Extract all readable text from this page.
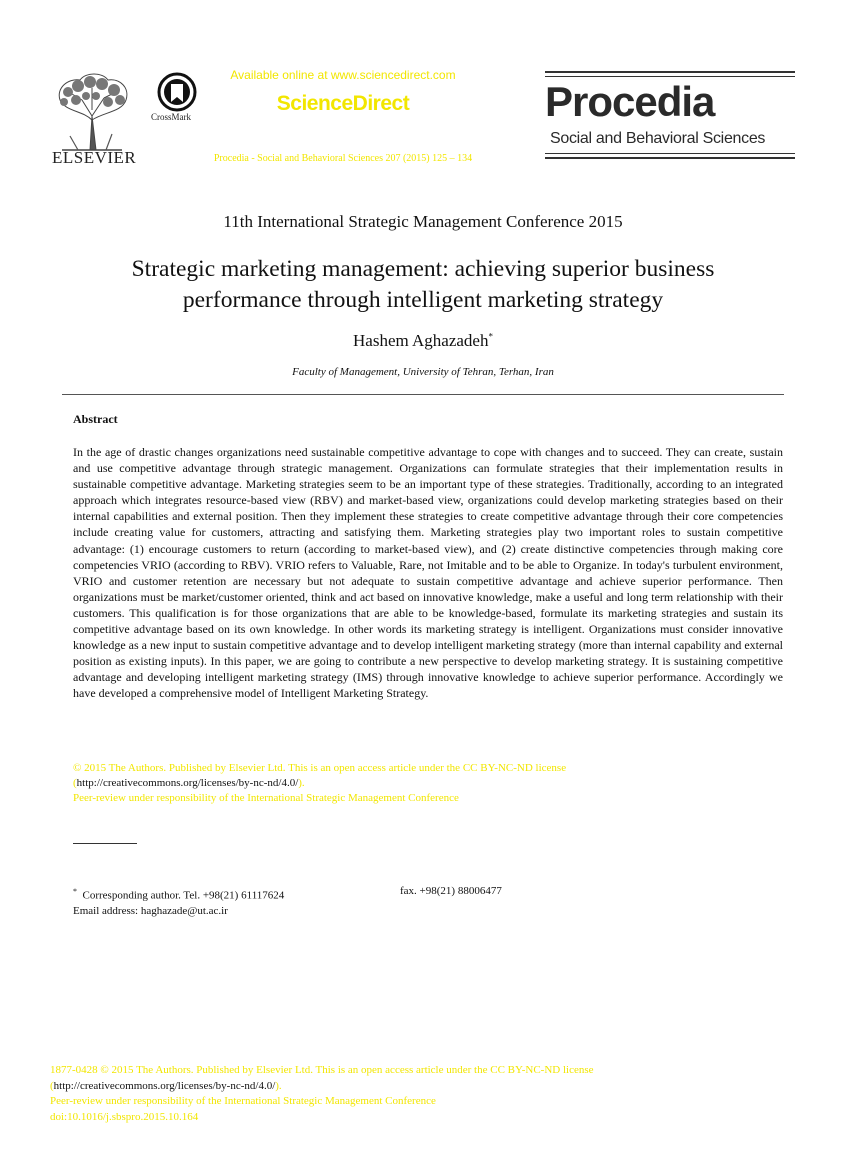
ELSEVIER
CrossMark
Available online at www.sciencedirect.com
ScienceDirect
Procedia - Social and Behavioral Sciences 207 (2015) 125 – 134
Procedia
Social and Behavioral Sciences
11th International Strategic Management Conference 2015
Strategic marketing management: achieving superior business performance through intelligent marketing strategy
Hashem Aghazadeh*
Faculty of Management, University of Tehran, Terhan, Iran
Abstract
In the age of drastic changes organizations need sustainable competitive advantage to cope with changes and to succeed. They can create, sustain and use competitive advantage through strategic management. Organizations can formulate strategies that their implementation results in sustainable competitive advantage. Marketing strategies seem to be an important type of these strategies. Traditionally, according to an integrated approach which integrates resource-based view (RBV) and market-based view, organizations could develop marketing strategies based on their internal capabilities and external position. Then they implement these strategies to create competitive advantage through their core competencies include creating value for customers, attracting and satisfying them. Marketing strategies play two important roles to sustain competitive advantage: (1) encourage customers to return (according to market-based view), and (2) create distinctive competencies through making core competencies VRIO (according to RBV). VRIO refers to Valuable, Rare, not Imitable and to be able to Organize. In today's turbulent environment, VRIO and customer retention are necessary but not adequate to sustain competitive advantage and achieve superior performance. Then organizations must be market/customer oriented, think and act based on innovative knowledge, make a useful and long term relationship with their customers. This qualification is for those organizations that are able to be knowledge-based, formulate its marketing strategies and sustain its competitive advantage based on its own knowledge. In other words its marketing strategy is intelligent. Organizations must consider innovative knowledge as a new input to sustain competitive advantage and to develop intelligent marketing strategy (more than internal capability and external position as existing inputs). In this paper, we are going to contribute a new perspective to develop marketing strategy. It is sustaining competitive advantage and developing intelligent marketing strategy (IMS) through innovative knowledge to achieve superior performance. Accordingly we have developed a comprehensive model of Intelligent Marketing Strategy.
© 2015 The Authors. Published by Elsevier Ltd. This is an open access article under the CC BY-NC-ND license
(http://creativecommons.org/licenses/by-nc-nd/4.0/).
Peer-review under responsibility of the International Strategic Management Conference
* Corresponding author. Tel. +98(21) 61117624
Email address: haghazade@ut.ac.ir
fax. +98(21) 88006477
1877-0428 © 2015 The Authors. Published by Elsevier Ltd. This is an open access article under the CC BY-NC-ND license
(http://creativecommons.org/licenses/by-nc-nd/4.0/).
Peer-review under responsibility of the International Strategic Management Conference
doi:10.1016/j.sbspro.2015.10.164
